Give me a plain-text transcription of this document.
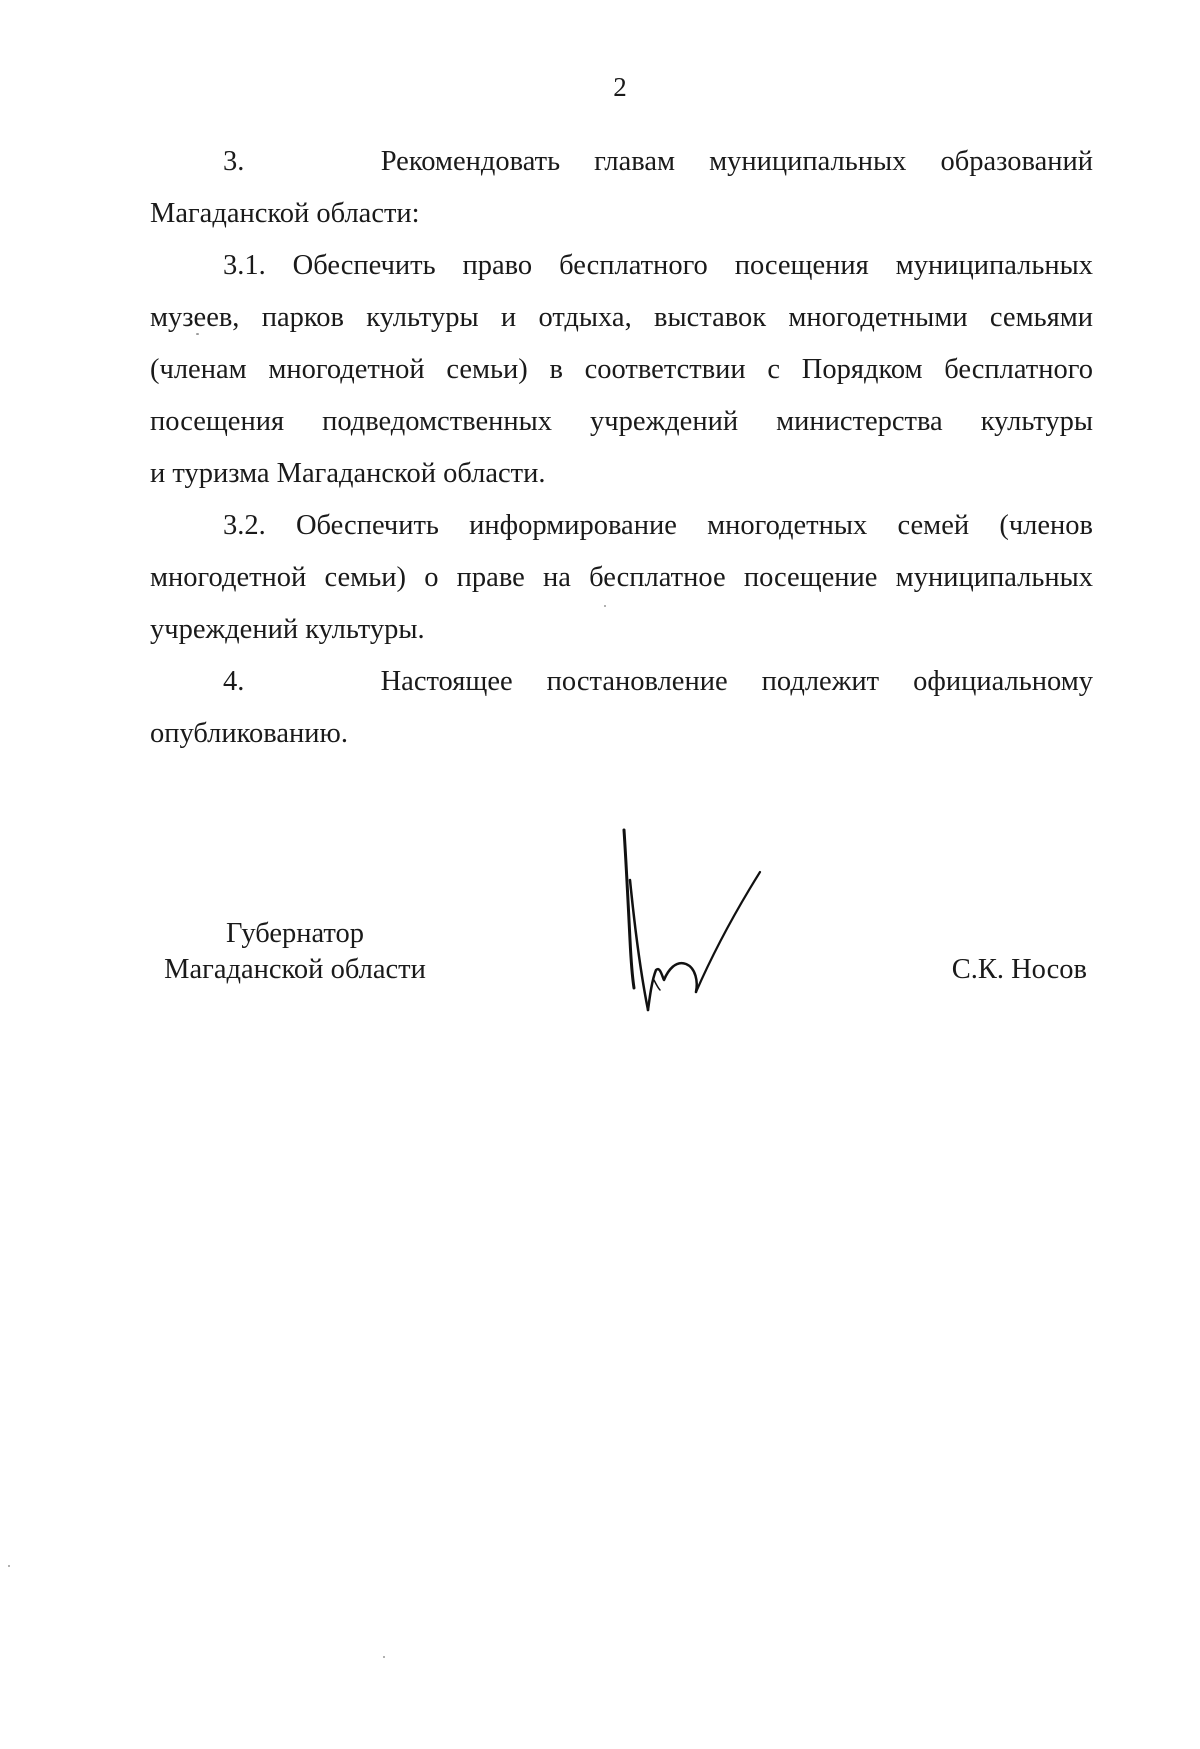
2
3.    Рекомендовать главам муниципальных образований
Магаданской области:
3.1. Обеспечить право бесплатного посещения муниципальных
музеев, парков культуры и отдыха, выставок многодетными семьями
(членам многодетной семьи) в соответствии с Порядком бесплатного
посещения подведомственных учреждений министерства культуры
и туризма Магаданской области.
3.2. Обеспечить информирование многодетных семей (членов
многодетной семьи) о праве на бесплатное посещение муниципальных
учреждений культуры.
4.    Настоящее постановление подлежит официальному
опубликованию.
Губернатор
Магаданской области	С.К. Носов
